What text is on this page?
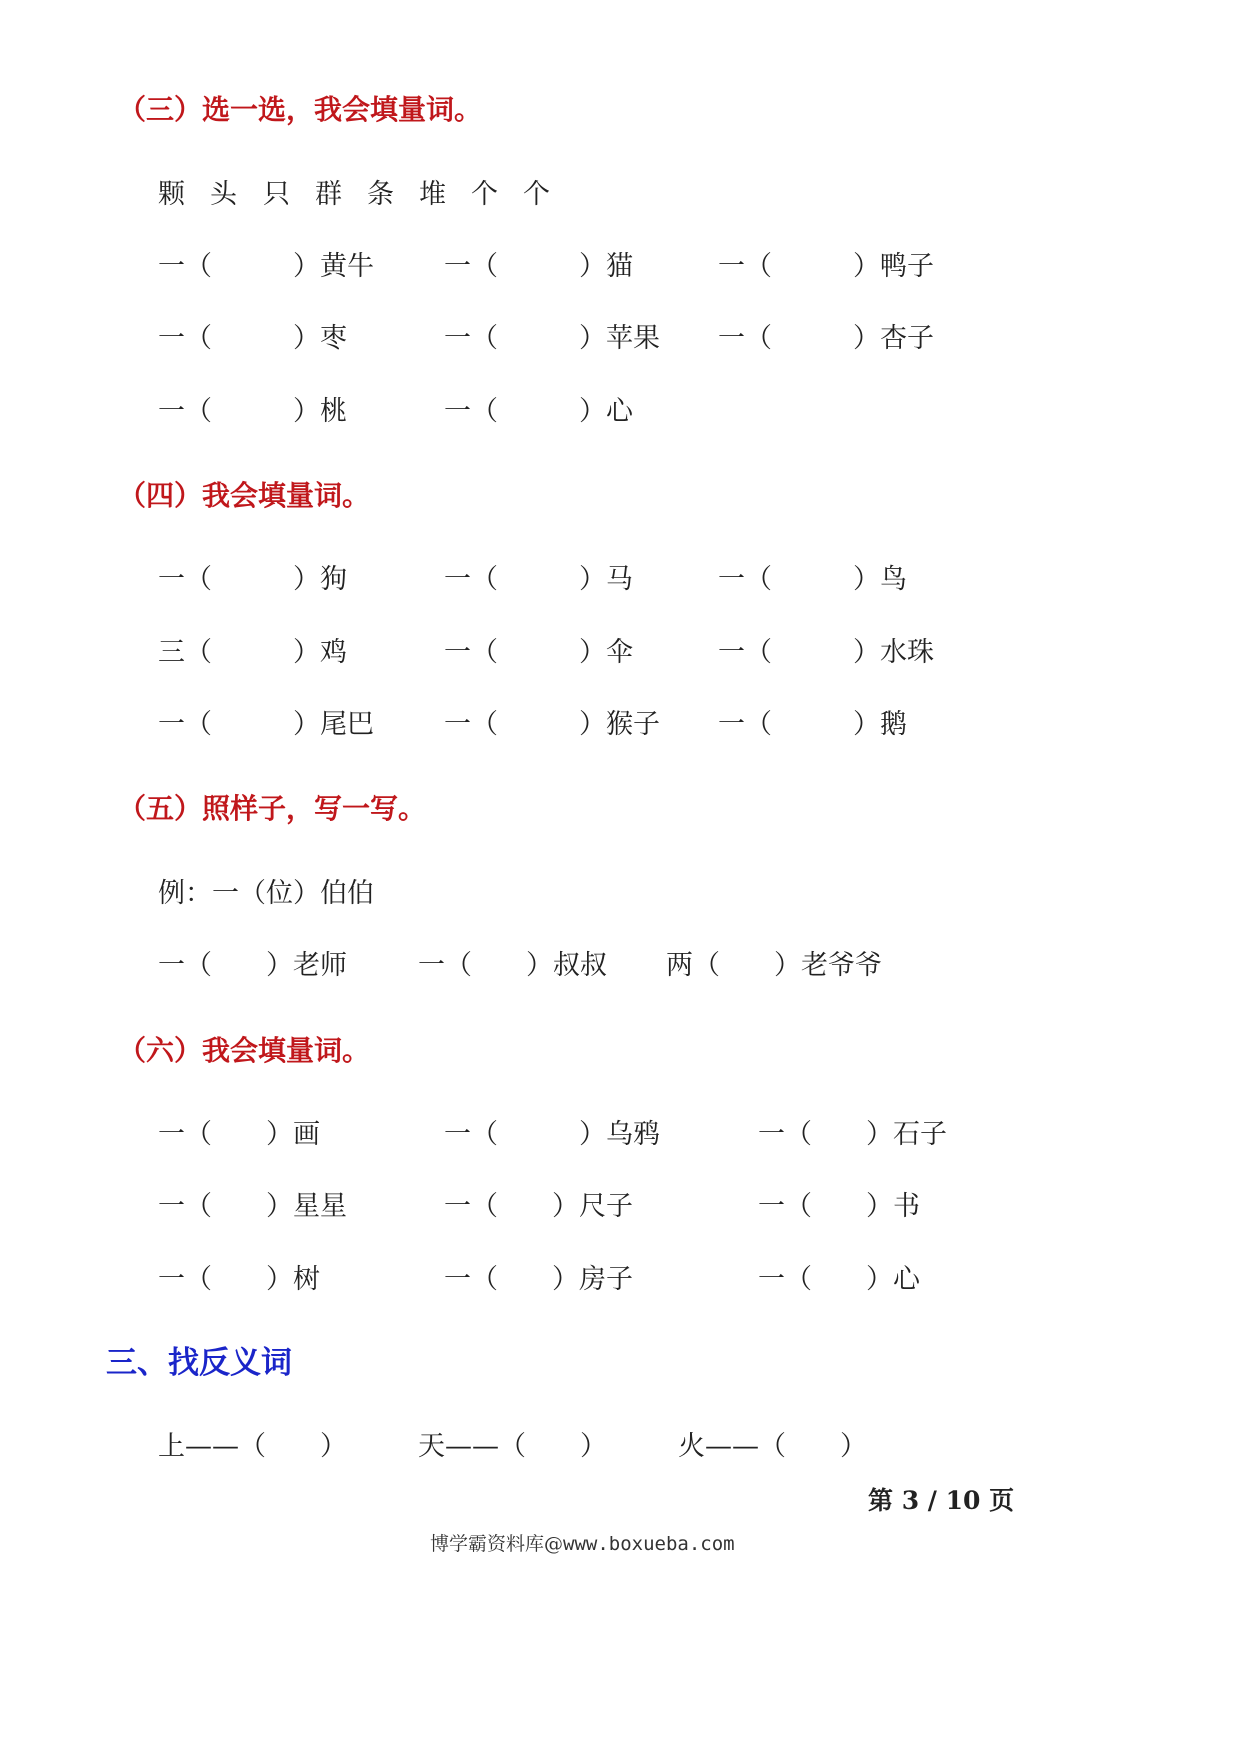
（三）选一选，我会填量词。
颗 头 只 群 条 堆 个 个
一（　　　）黄牛	一（　　　）猫	一（　　　）鸭子
一（　　　）枣	一（　　　）苹果 一（　　　）杏子
一（　　　）桃	一（　　　）心
（四）我会填量词。
一（　　　）狗	一（　　　）马	一（　　　）鸟
三（　　　）鸡	一（　　　）伞	一（　　　）水珠
一（　　　）尾巴	一（　　　）猴子 一（　　　）鹅
（五）照样子，写一写。
例：一（位）伯伯
一（　　）老师	一（　　）叔叔 两（　　）老爷爷
（六）我会填量词。
一（　　）画	一（　　　）乌鸦	一（　　）石子
一（　　）星星	一（　　）尺子	一（　　）书
一（　　）树	一（　　）房子	一（　　）心
三、找反义词
上——（　　）	天——（　　）	火——（　　）
第 3 / 10 页
博学霸资料库@www.boxueba.com
